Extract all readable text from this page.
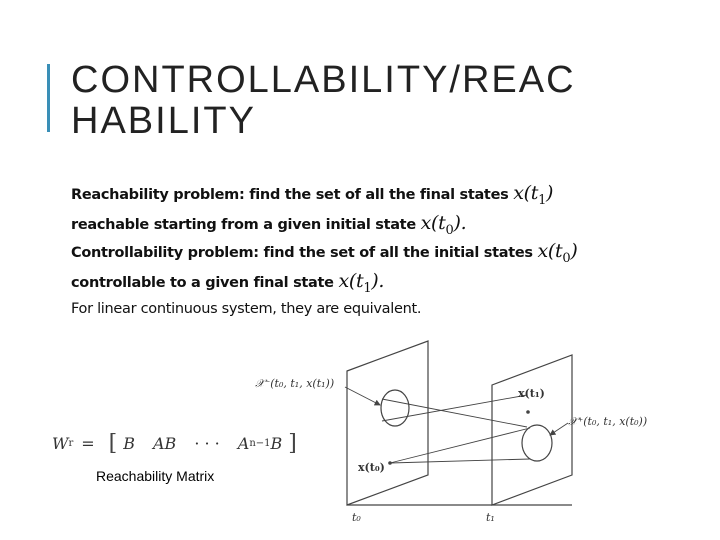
CONTROLLABILITY/REAC
HABILITY
Reachability problem: find the set of all the final states $x(t_1)$
reachable starting from a given initial state $x(t_0)$.
Controllability problem: find the set of all the initial states $x(t_0)$
controllable to a given final state $x(t_1)$.
For linear continuous system, they are equivalent.
W r = [ B AB · · · A n−1 B ]
Reachability Matrix
𝒳⁻(t₀, t₁, x(t₁))
𝒳⁺(t₀, t₁, x(t₀))
x(t₁)
x(t₀)
t₀	t₁
